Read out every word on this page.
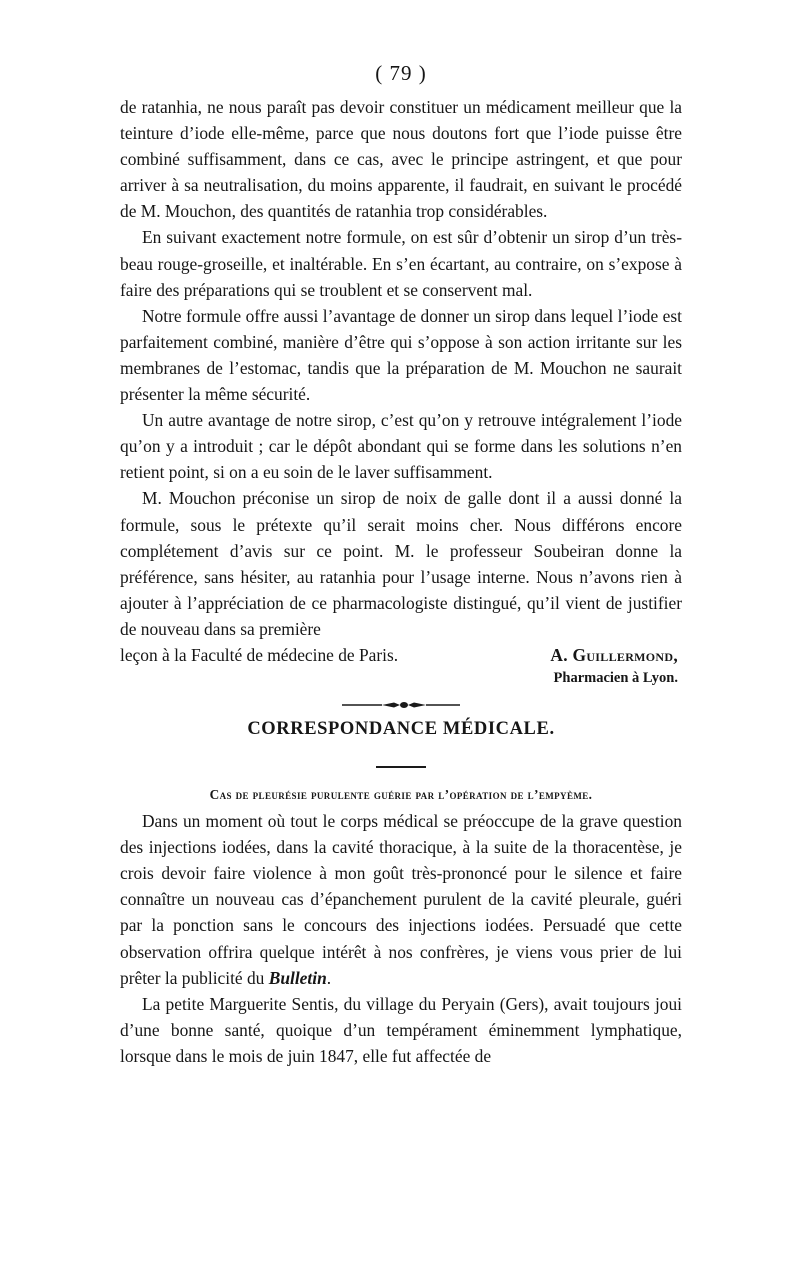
( 79 )

de ratanhia, ne nous paraît pas devoir constituer un médicament meilleur que la teinture d’iode elle-même, parce que nous doutons fort que l’iode puisse être combiné suffisamment, dans ce cas, avec le principe astringent, et que pour arriver à sa neutralisation, du moins apparente, il faudrait, en suivant le procédé de M. Mouchon, des quantités de ratanhia trop considérables.

En suivant exactement notre formule, on est sûr d’obtenir un sirop d’un très-beau rouge-groseille, et inaltérable. En s’en écartant, au contraire, on s’expose à faire des préparations qui se troublent et se conservent mal.

Notre formule offre aussi l’avantage de donner un sirop dans lequel l’iode est parfaitement combiné, manière d’être qui s’oppose à son action irritante sur les membranes de l’estomac, tandis que la préparation de M. Mouchon ne saurait présenter la même sécurité.

Un autre avantage de notre sirop, c’est qu’on y retrouve intégralement l’iode qu’on y a introduit ; car le dépôt abondant qui se forme dans les solutions n’en retient point, si on a eu soin de le laver suffisamment.

M. Mouchon préconise un sirop de noix de galle dont il a aussi donné la formule, sous le prétexte qu’il serait moins cher. Nous différons encore complétement d’avis sur ce point. M. le professeur Soubeiran donne la préférence, sans hésiter, au ratanhia pour l’usage interne. Nous n’avons rien à ajouter à l’appréciation de ce pharmacologiste distingué, qu’il vient de justifier de nouveau dans sa première

leçon à la Faculté de médecine de Paris.	A. Guillermond,
Pharmacien à Lyon.
CORRESPONDANCE MÉDICALE.
Cas de pleurésie purulente guérie par l’opération de l’empyème.

Dans un moment où tout le corps médical se préoccupe de la grave question des injections iodées, dans la cavité thoracique, à la suite de la thoracentèse, je crois devoir faire violence à mon goût très-prononcé pour le silence et faire connaître un nouveau cas d’épanchement purulent de la cavité pleurale, guéri par la ponction sans le concours des injections iodées. Persuadé que cette observation offrira quelque intérêt à nos confrères, je viens vous prier de lui prêter la publicité du Bulletin.

La petite Marguerite Sentis, du village du Peryain (Gers), avait toujours joui d’une bonne santé, quoique d’un tempérament éminemment lymphatique, lorsque dans le mois de juin 1847, elle fut affectée de
